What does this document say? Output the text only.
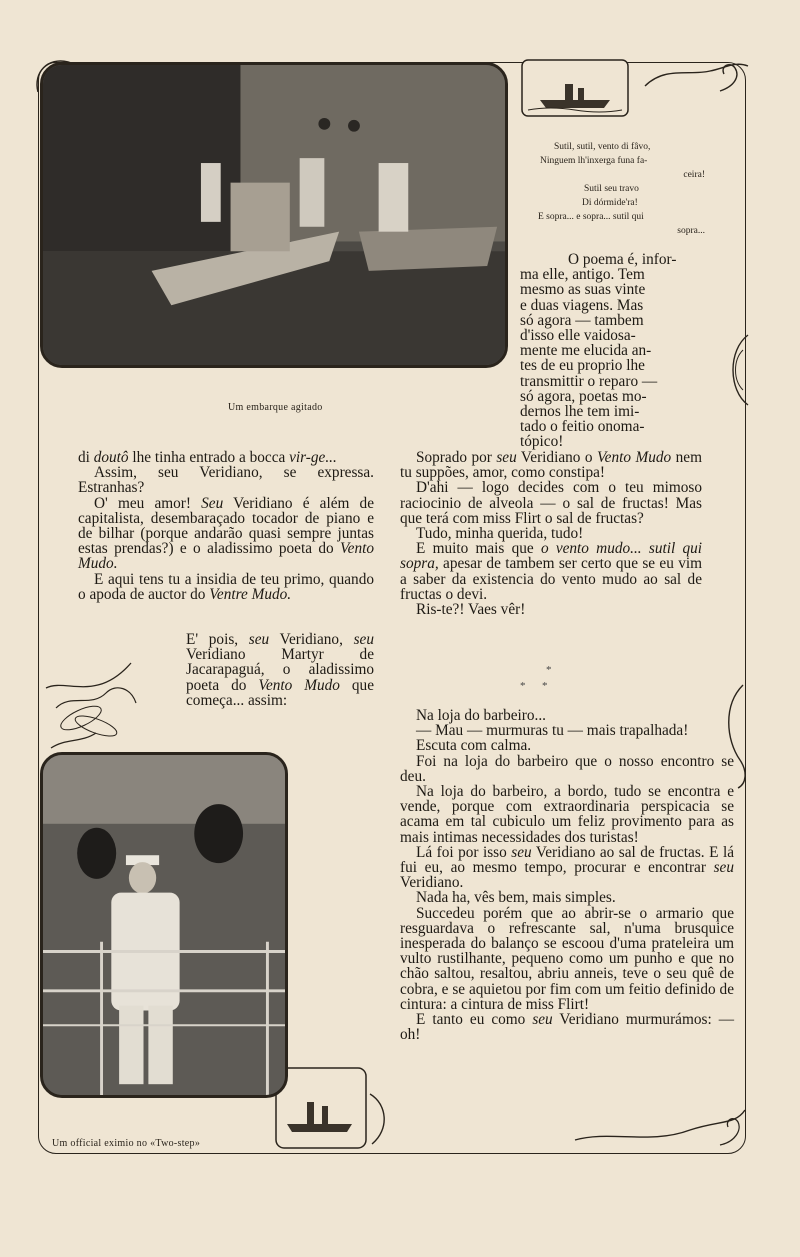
Um embarque agitado
Um official eximio no «Two-step»
Sutil, sutil, vento di fâvo,
Ninguem lh'inxerga funa fa-
ceira!
Sutil seu travo
Di dórmide'ra!
E sopra... e sopra... sutil qui
sopra...
O poema é, infor-
ma elle, antigo. Tem
mesmo as suas vinte
e duas viagens. Mas
só agora — tambem
d'isso elle vaidosa-
mente me elucida an-
tes de eu proprio lhe
transmittir o reparo —
só agora, poetas mo-
dernos lhe tem imi-
tado o feitio onoma-
tópico!

di doutô lhe tinha entrado a bocca vir-ge...

Assim, seu Veridiano, se expressa. Estranhas?

O' meu amor! Seu Veridiano é além de capitalista, desembaraçado tocador de piano e de bilhar (porque andarão quasi sempre juntas estas prendas?) e o aladissimo poeta do Vento Mudo.

E aqui tens tu a insidia de teu primo, quando o apoda de auctor do Ventre Mudo.

E' pois, seu Veridiano, seu Veridiano Martyr de Jacarapaguá, o aladissimo poeta do Vento Mudo que começa... assim:

Soprado por seu Veridiano o Vento Mudo nem tu suppões, amor, como constipa!

D'ahi — logo decides com o teu mimoso raciocinio de alveola — o sal de fructas! Mas que terá com miss Flirt o sal de fructas?

Tudo, minha querida, tudo!

E muito mais que o vento mudo... sutil qui sopra, apesar de tambem ser certo que se eu vim a saber da existencia do vento mudo ao sal de fructas o devi.

Ris-te?! Vaes vêr!

*
*      *

Na loja do barbeiro...

— Mau — murmuras tu — mais trapalhada!

Escuta com calma.

Foi na loja do barbeiro que o nosso encontro se deu.

Na loja do barbeiro, a bordo, tudo se encontra e vende, porque com extraordinaria perspicacia se acama em tal cubiculo um feliz provimento para as mais intimas necessidades dos turistas!

Lá foi por isso seu Veridiano ao sal de fructas. E lá fui eu, ao mesmo tempo, procurar e encontrar seu Veridiano.

Nada ha, vês bem, mais simples.

Succedeu porém que ao abrir-se o armario que resguardava o refrescante sal, n'uma brusquice inesperada do balanço se escoou d'uma prateleira um vulto rustilhante, pequeno como um punho e que no chão saltou, resaltou, abriu anneis, teve o seu quê de cobra, e se aquietou por fim com um feitio definido de cintura: a cintura de miss Flirt!

E tanto eu como seu Veridiano murmurámos: — oh!
